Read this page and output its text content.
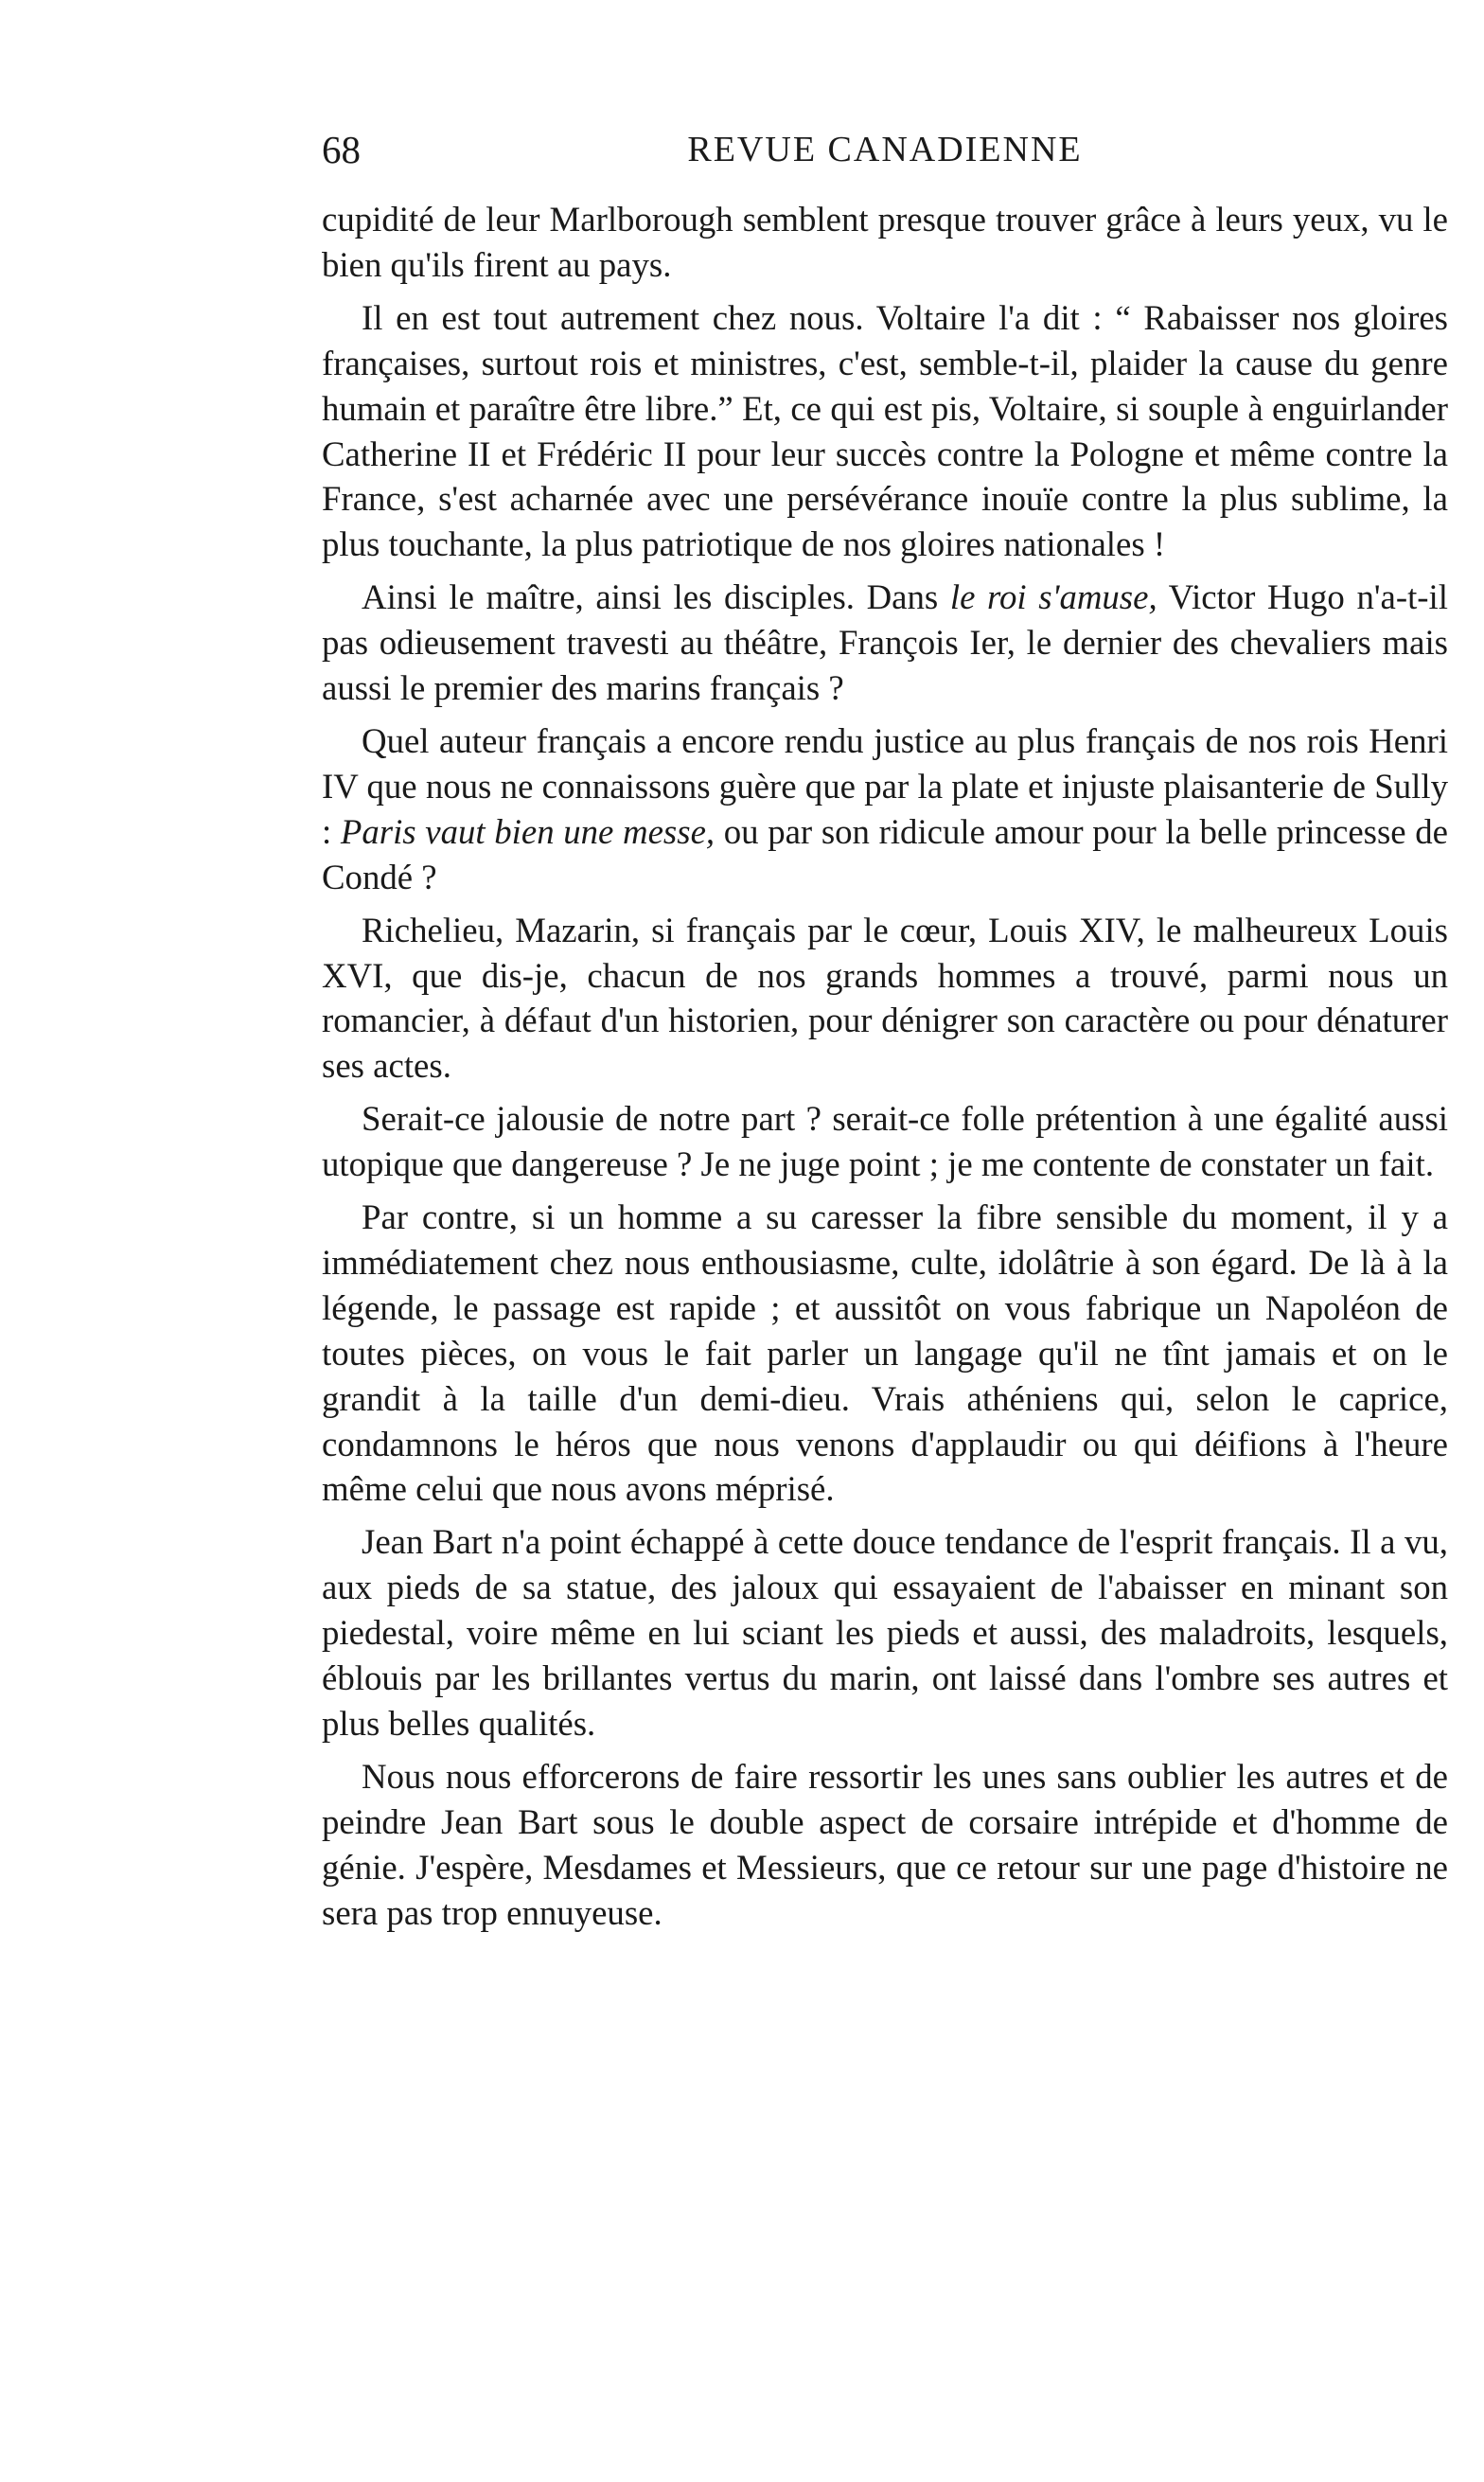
68	REVUE CANADIENNE

cupidité de leur Marlborough semblent presque trouver grâce à leurs yeux, vu le bien qu'ils firent au pays.

Il en est tout autrement chez nous. Voltaire l'a dit : “ Rabaisser nos gloires françaises, surtout rois et ministres, c'est, semble-t-il, plaider la cause du genre humain et paraître être libre.” Et, ce qui est pis, Voltaire, si souple à enguirlander Catherine II et Frédéric II pour leur succès contre la Pologne et même contre la France, s'est acharnée avec une persévérance inouïe contre la plus sublime, la plus touchante, la plus patriotique de nos gloires nationales !

Ainsi le maître, ainsi les disciples. Dans le roi s'amuse, Victor Hugo n'a-t-il pas odieusement travesti au théâtre, François Ier, le dernier des chevaliers mais aussi le premier des marins français ?

Quel auteur français a encore rendu justice au plus français de nos rois Henri IV que nous ne connaissons guère que par la plate et injuste plaisanterie de Sully : Paris vaut bien une messe, ou par son ridicule amour pour la belle princesse de Condé ?

Richelieu, Mazarin, si français par le cœur, Louis XIV, le malheureux Louis XVI, que dis-je, chacun de nos grands hommes a trouvé, parmi nous un romancier, à défaut d'un historien, pour dénigrer son caractère ou pour dénaturer ses actes.

Serait-ce jalousie de notre part ? serait-ce folle prétention à une égalité aussi utopique que dangereuse ? Je ne juge point ; je me contente de constater un fait.

Par contre, si un homme a su caresser la fibre sensible du moment, il y a immédiatement chez nous enthousiasme, culte, idolâtrie à son égard. De là à la légende, le passage est rapide ; et aussitôt on vous fabrique un Napoléon de toutes pièces, on vous le fait parler un langage qu'il ne tînt jamais et on le grandit à la taille d'un demi-dieu. Vrais athéniens qui, selon le caprice, condamnons le héros que nous venons d'applaudir ou qui déifions à l'heure même celui que nous avons méprisé.

Jean Bart n'a point échappé à cette douce tendance de l'esprit français. Il a vu, aux pieds de sa statue, des jaloux qui essayaient de l'abaisser en minant son piedestal, voire même en lui sciant les pieds et aussi, des maladroits, lesquels, éblouis par les brillantes vertus du marin, ont laissé dans l'ombre ses autres et plus belles qualités.

Nous nous efforcerons de faire ressortir les unes sans oublier les autres et de peindre Jean Bart sous le double aspect de corsaire intrépide et d'homme de génie. J'espère, Mesdames et Messieurs, que ce retour sur une page d'histoire ne sera pas trop ennuyeuse.
